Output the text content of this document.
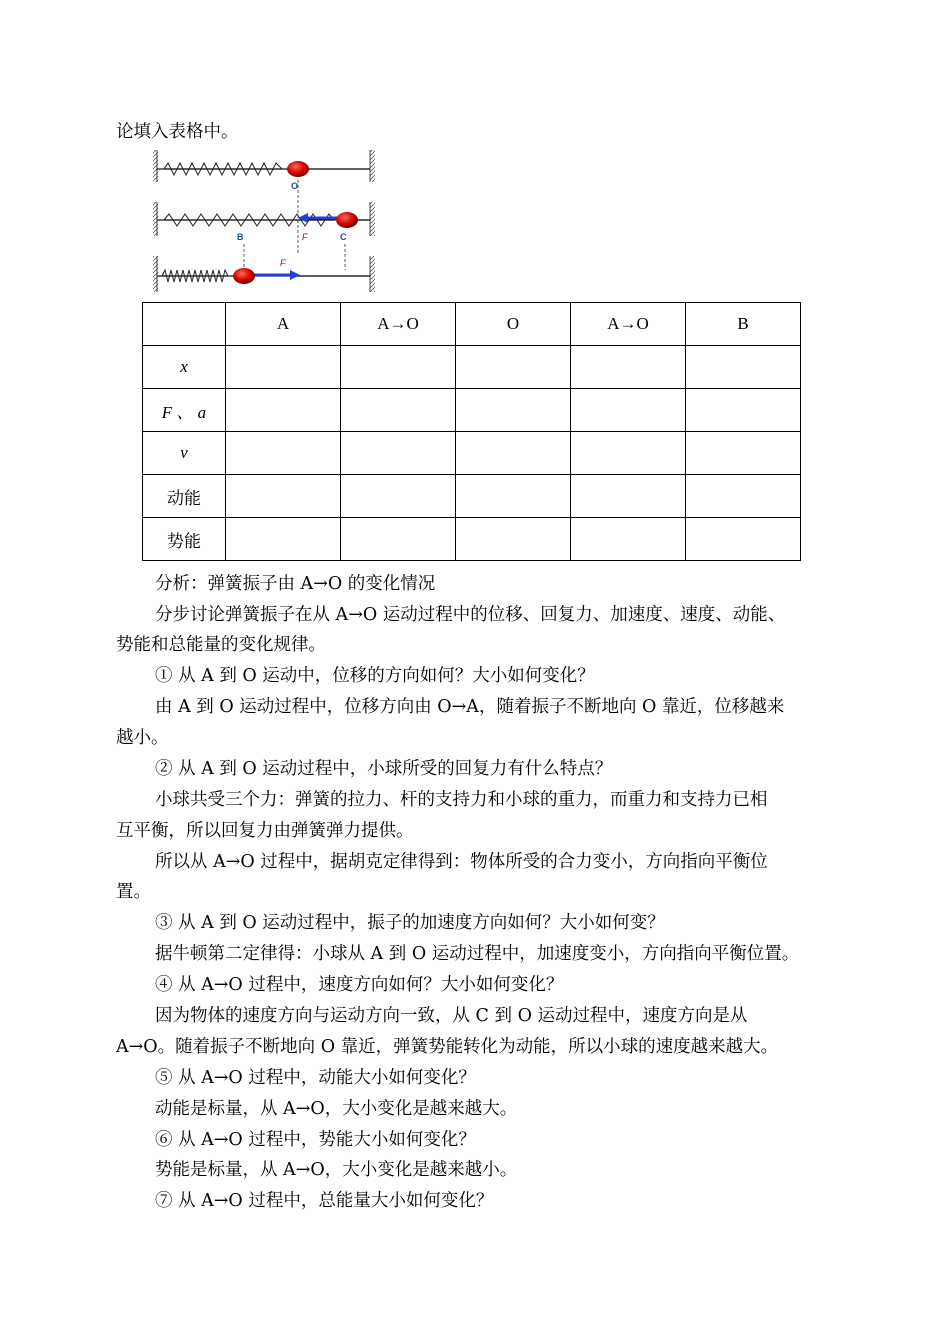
论填入表格中。
O
B	F	C
F
	A	A→O	O	A→O	B
x					
F 、 a					
v					
动能					
势能					
分析：弹簧振子由 A→O 的变化情况
分步讨论弹簧振子在从 A→O 运动过程中的位移、回复力、加速度、速度、动能、
势能和总能量的变化规律。
① 从 A 到 O 运动中，位移的方向如何？大小如何变化？
由 A 到 O 运动过程中，位移方向由 O→A，随着振子不断地向 O 靠近，位移越来
越小。
② 从 A 到 O 运动过程中，小球所受的回复力有什么特点？
小球共受三个力：弹簧的拉力、杆的支持力和小球的重力，而重力和支持力已相
互平衡，所以回复力由弹簧弹力提供。
所以从 A→O 过程中，据胡克定律得到：物体所受的合力变小，方向指向平衡位
置。
③ 从 A 到 O 运动过程中，振子的加速度方向如何？大小如何变？
据牛顿第二定律得：小球从 A 到 O 运动过程中，加速度变小，方向指向平衡位置。
④ 从 A→O 过程中，速度方向如何？大小如何变化？
因为物体的速度方向与运动方向一致，从 C 到 O 运动过程中，速度方向是从
A→O。随着振子不断地向 O 靠近，弹簧势能转化为动能，所以小球的速度越来越大。
⑤ 从 A→O 过程中，动能大小如何变化？
动能是标量，从 A→O，大小变化是越来越大。
⑥ 从 A→O 过程中，势能大小如何变化？
势能是标量，从 A→O，大小变化是越来越小。
⑦ 从 A→O 过程中，总能量大小如何变化？
